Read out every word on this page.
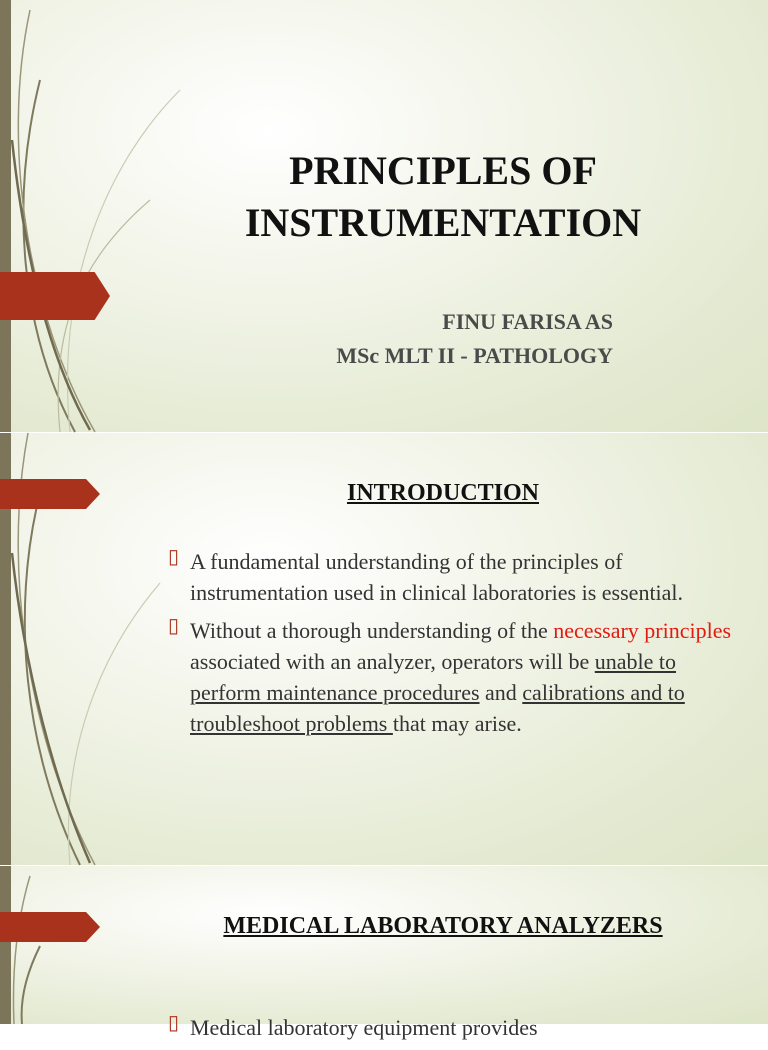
PRINCIPLES OF
INSTRUMENTATION
FINU FARISA AS
MSc MLT II - PATHOLOGY
INTRODUCTION
▯ A fundamental understanding of the principles of instrumentation used in clinical laboratories is essential.
▯ Without a thorough understanding of the necessary principles associated with an analyzer, operators will be unable to perform maintenance procedures and calibrations and to troubleshoot problems that may arise.
MEDICAL LABORATORY ANALYZERS
▯ Medical laboratory equipment provides
